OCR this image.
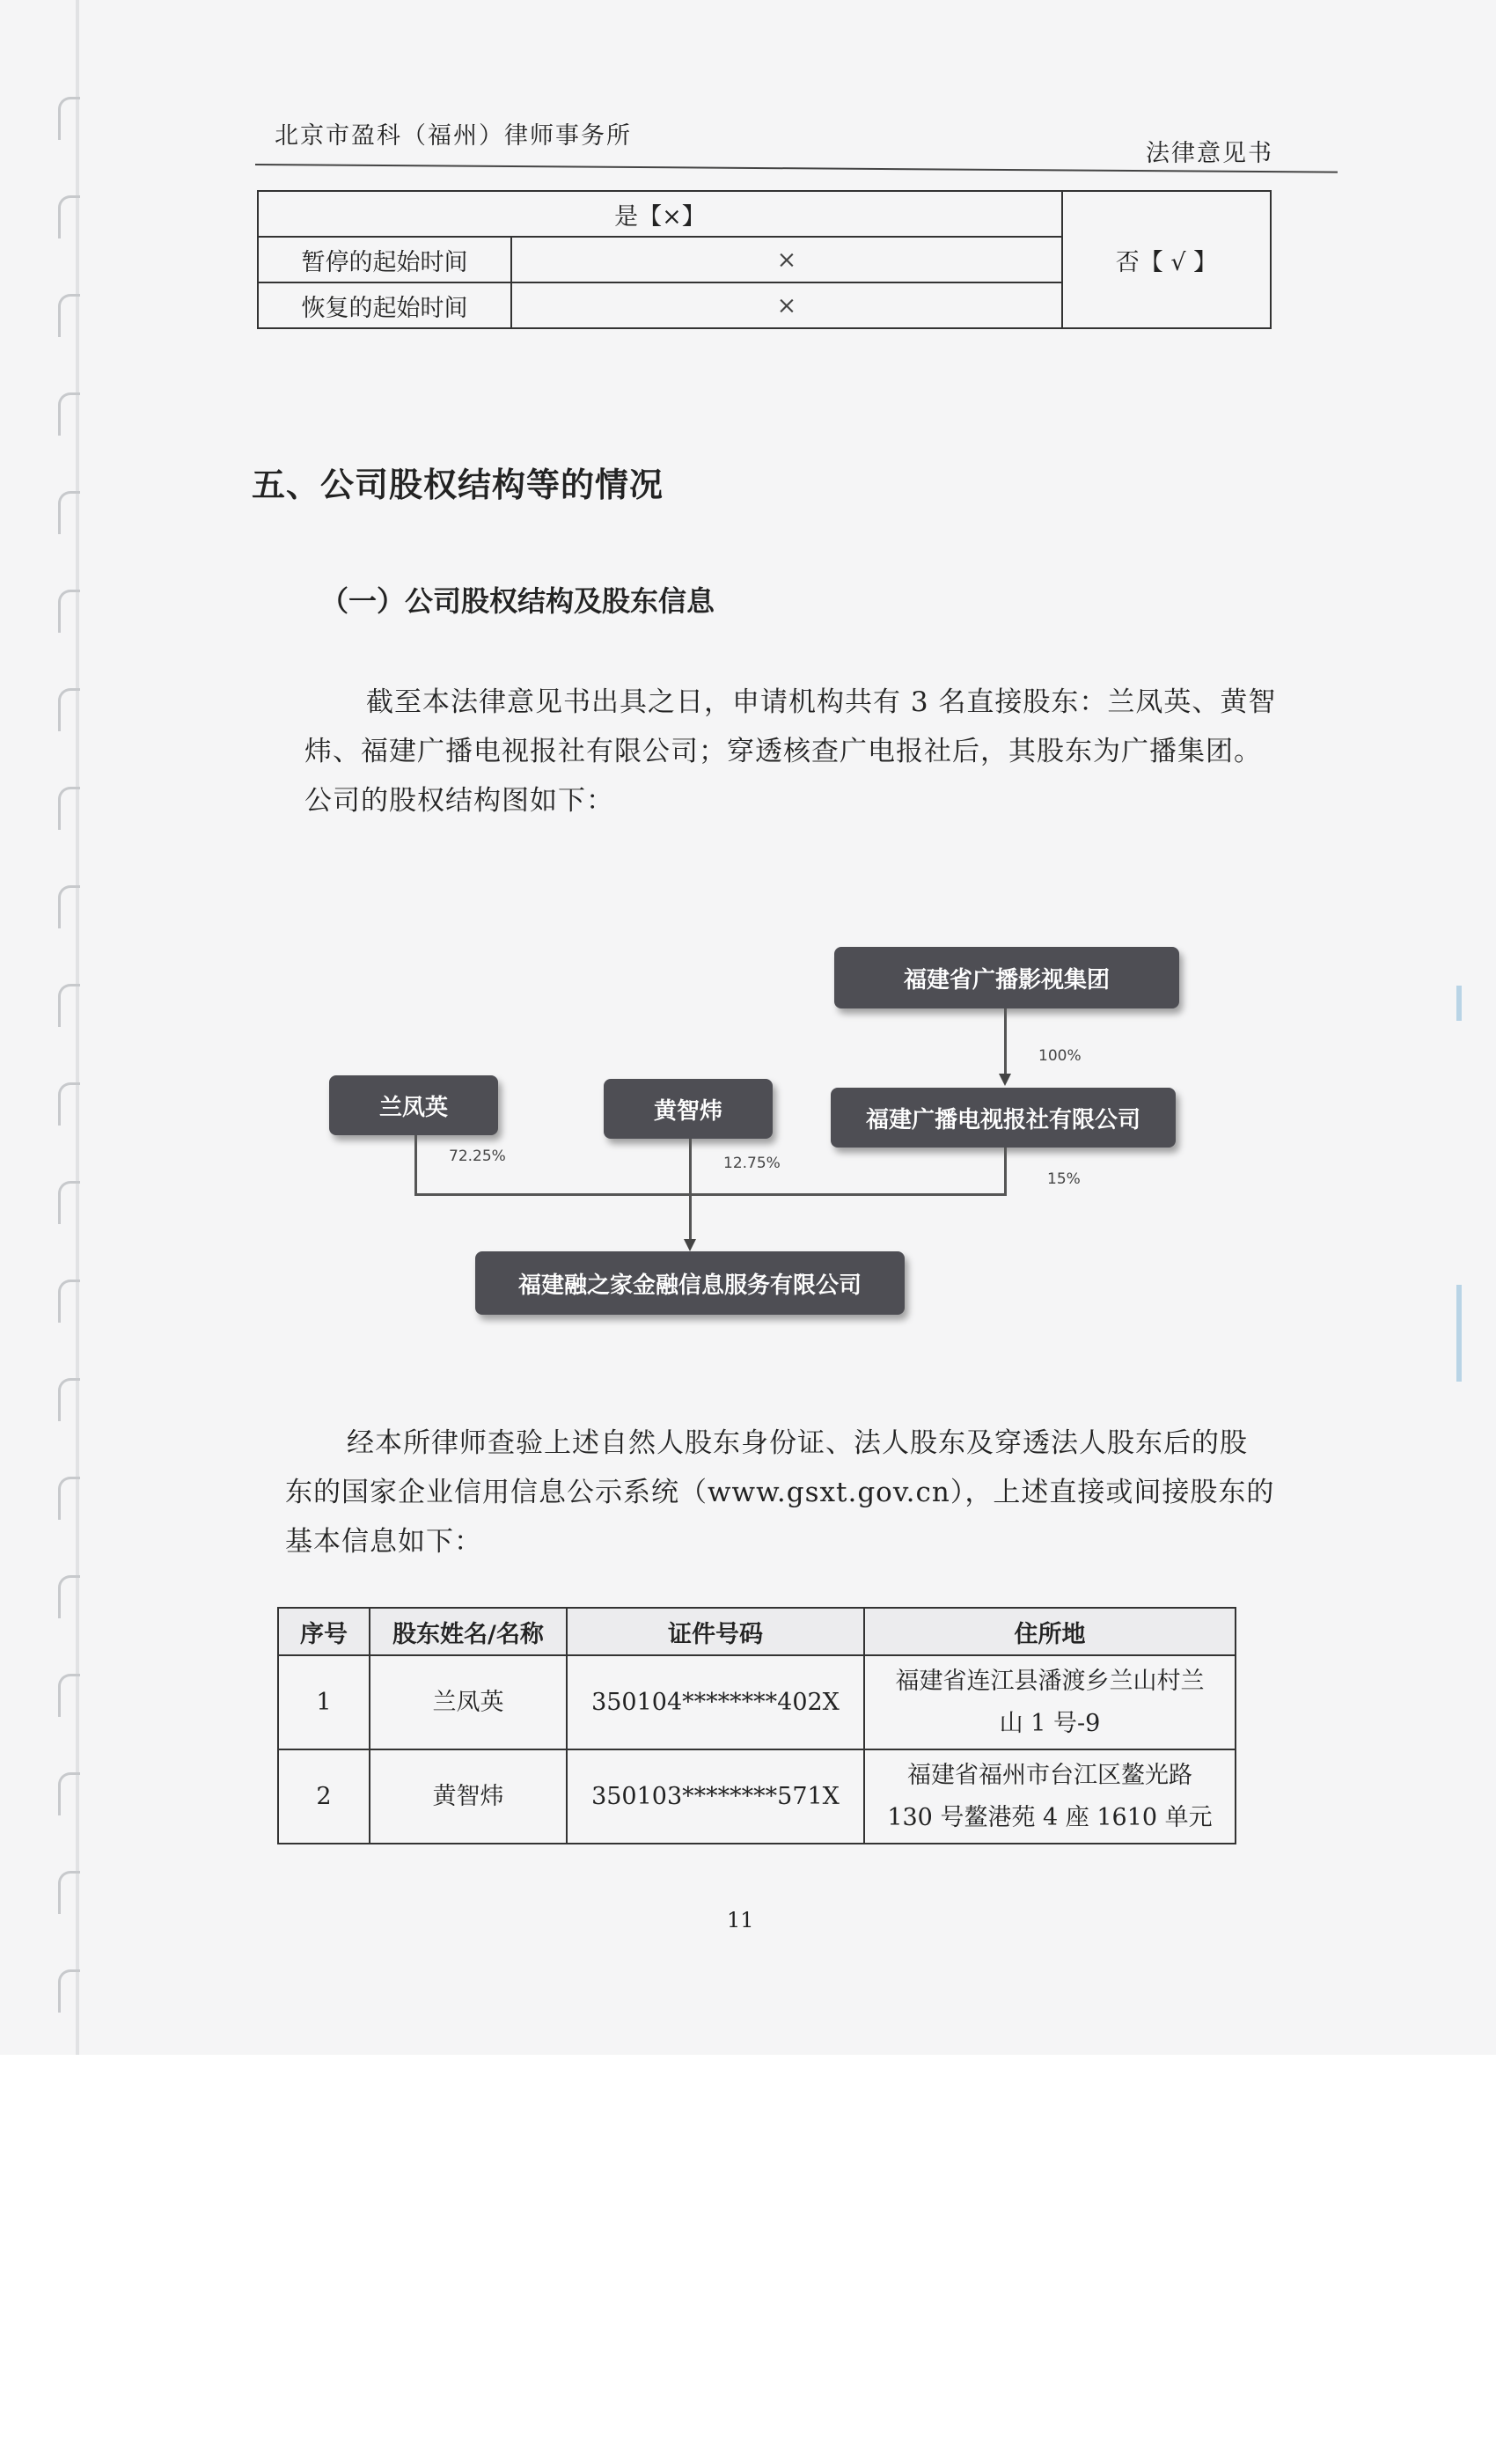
北京市盈科（福州）律师事务所
法律意见书
是【×】		否【 √ 】
暂停的起始时间	×	
恢复的起始时间	×	
五、公司股权结构等的情况
（一）公司股权结构及股东信息
截至本法律意见书出具之日，申请机构共有 3 名直接股东：兰凤英、黄智
炜、福建广播电视报社有限公司；穿透核查广电报社后，其股东为广播集团。
公司的股权结构图如下：
福建省广播影视集团
100%
兰凤英	黄智炜	福建广播电视报社有限公司
72.25%	12.75%
15%
福建融之家金融信息服务有限公司
经本所律师查验上述自然人股东身份证、法人股东及穿透法人股东后的股
东的国家企业信用信息公示系统（www.gsxt.gov.cn），上述直接或间接股东的
基本信息如下：
序号	股东姓名/名称	证件号码	住所地
1	兰凤英	350104********402X	福建省连江县潘渡乡兰山村兰
山 1 号-9

2	黄智炜	350103********571X	福建省福州市台江区鳌光路
130 号鳌港苑 4 座 1610 单元
11
